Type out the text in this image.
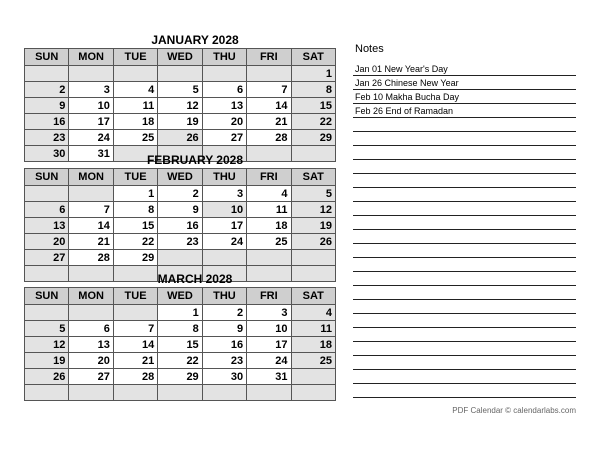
JANUARY 2028
SUN	MON	TUE	WED	THU	FRI	SAT
						1
2	3	4	5	6	7	8
9	10	11	12	13	14	15
16	17	18	19	20	21	22
23	24	25	26	27	28	29
30	31						FEBRUARY 2028
SUN	MON	TUE	WED	THU	FRI	SAT
		1	2	3	4	5
6	7	8	9	10	11	12
13	14	15	16	17	18	19
20	21	22	23	24	25	26
27	28	29				

MARCH 2028
SUN	MON	TUE	WED	THU	FRI	SAT
			1	2	3	4
5	6	7	8	9	10	11
12	13	14	15	16	17	18
19	20	21	22	23	24	25
26	27	28	29	30	31	

Notes
Jan 01 New Year's Day
Jan 26 Chinese New Year
Feb 10 Makha Bucha Day
Feb 26 End of Ramadan
PDF Calendar © calendarlabs.com
